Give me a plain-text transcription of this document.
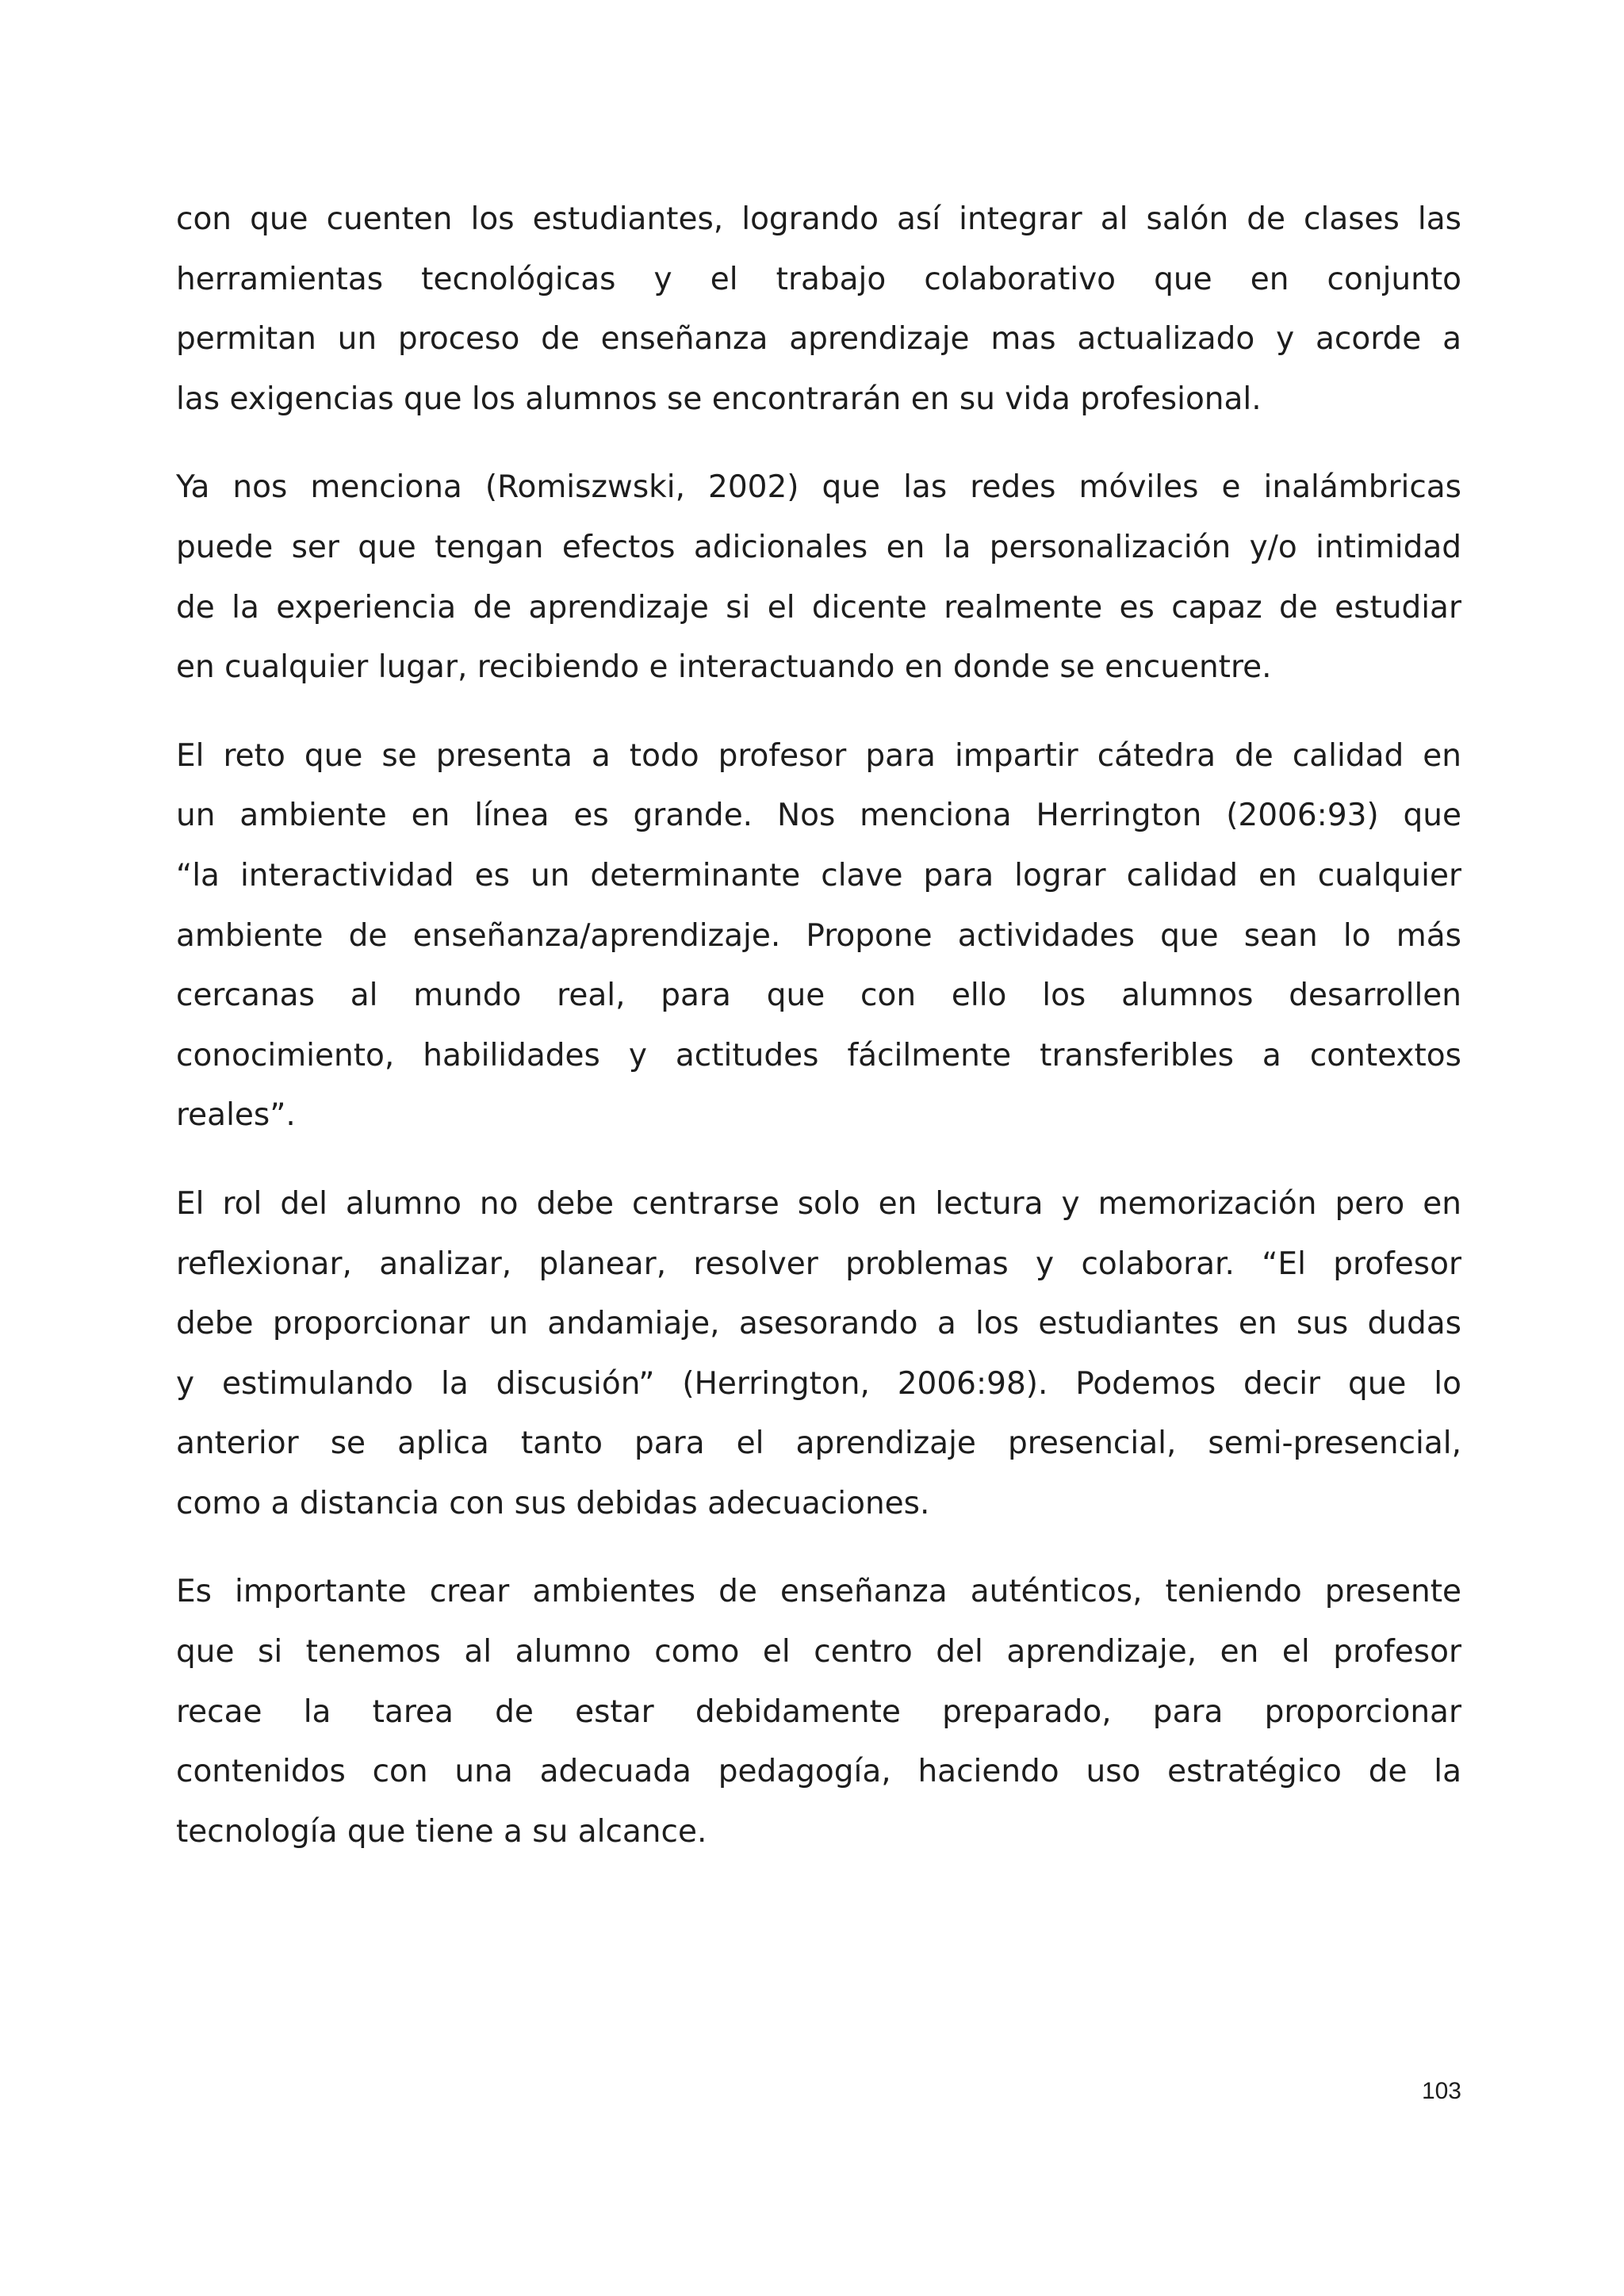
con que cuenten los estudiantes, logrando así integrar al salón de clases las
herramientas tecnológicas y el trabajo colaborativo que en conjunto
permitan un proceso de enseñanza aprendizaje mas actualizado y acorde a
las exigencias que los alumnos se encontrarán en su vida profesional.
Ya nos menciona (Romiszwski, 2002) que las redes móviles e inalámbricas
puede ser que tengan efectos adicionales en la personalización y/o intimidad
de la experiencia de aprendizaje si el dicente realmente es capaz de estudiar
en cualquier lugar, recibiendo e interactuando en donde se encuentre.
El reto que se presenta a todo profesor para impartir cátedra de calidad en
un ambiente en línea es grande. Nos menciona Herrington (2006:93) que
“la interactividad es un determinante clave para lograr calidad en cualquier
ambiente de enseñanza/aprendizaje. Propone actividades que sean lo más
cercanas al mundo real, para que con ello los alumnos desarrollen
conocimiento, habilidades y actitudes fácilmente transferibles a contextos
reales”.
El rol del alumno no debe centrarse solo en lectura y memorización pero en
reflexionar, analizar, planear, resolver problemas y colaborar. “El profesor
debe proporcionar un andamiaje, asesorando a los estudiantes en sus dudas
y estimulando la discusión” (Herrington, 2006:98). Podemos decir que lo
anterior se aplica tanto para el aprendizaje presencial, semi-presencial,
como a distancia con sus debidas adecuaciones.
Es importante crear ambientes de enseñanza auténticos, teniendo presente
que si tenemos al alumno como el centro del aprendizaje, en el profesor
recae la tarea de estar debidamente preparado, para proporcionar
contenidos con una adecuada pedagogía, haciendo uso estratégico de la
tecnología que tiene a su alcance.
103
